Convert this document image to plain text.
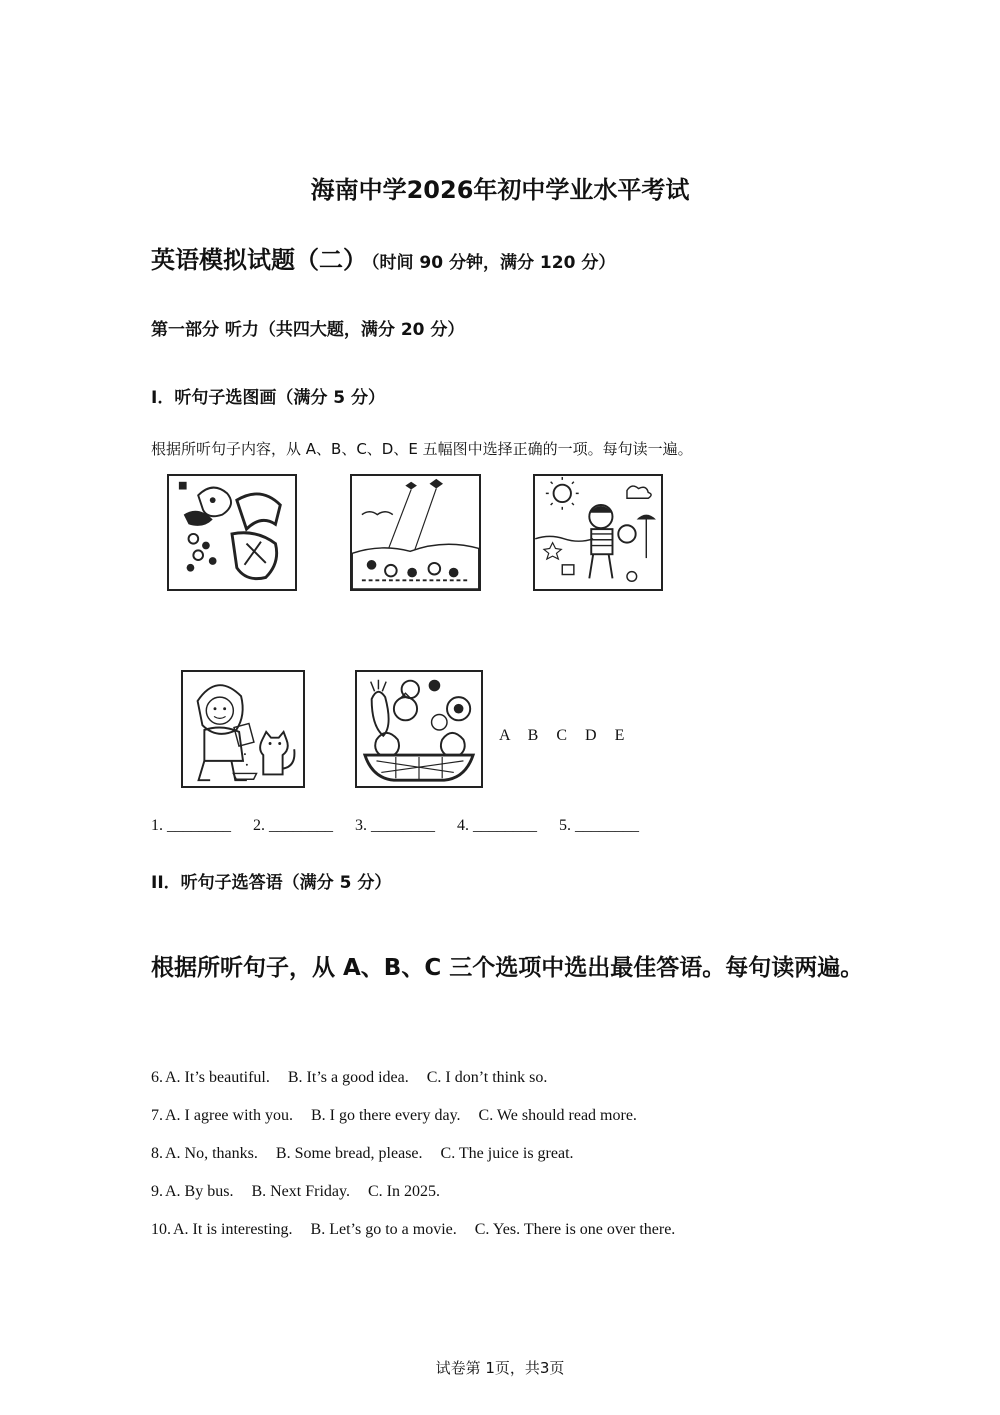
海南中学2026年初中学业水平考试
英语模拟试题（二） （时间 90 分钟，满分 120 分）
第一部分 听力（共四大题，满分 20 分）
I．听句子选图画（满分 5 分）
根据所听句子内容，从 A、B、C、D、E 五幅图中选择正确的一项。每句读一遍。
A B C D E
1. ________ 2. ________ 3. ________ 4. ________ 5. ________
II．听句子选答语（满分 5 分）
根据所听句子，从 A、B、C 三个选项中选出最佳答语。每句读两遍。
6. A. It’s beautiful. B. It’s a good idea. C. I don’t think so.
7. A. I agree with you. B. I go there every day. C. We should read more.
8. A. No, thanks. B. Some bread, please. C. The juice is great.
9. A. By bus. B. Next Friday. C. In 2025.
10. A. It is interesting. B. Let’s go to a movie. C. Yes. There is one over there.
试卷第 1页，共3页
